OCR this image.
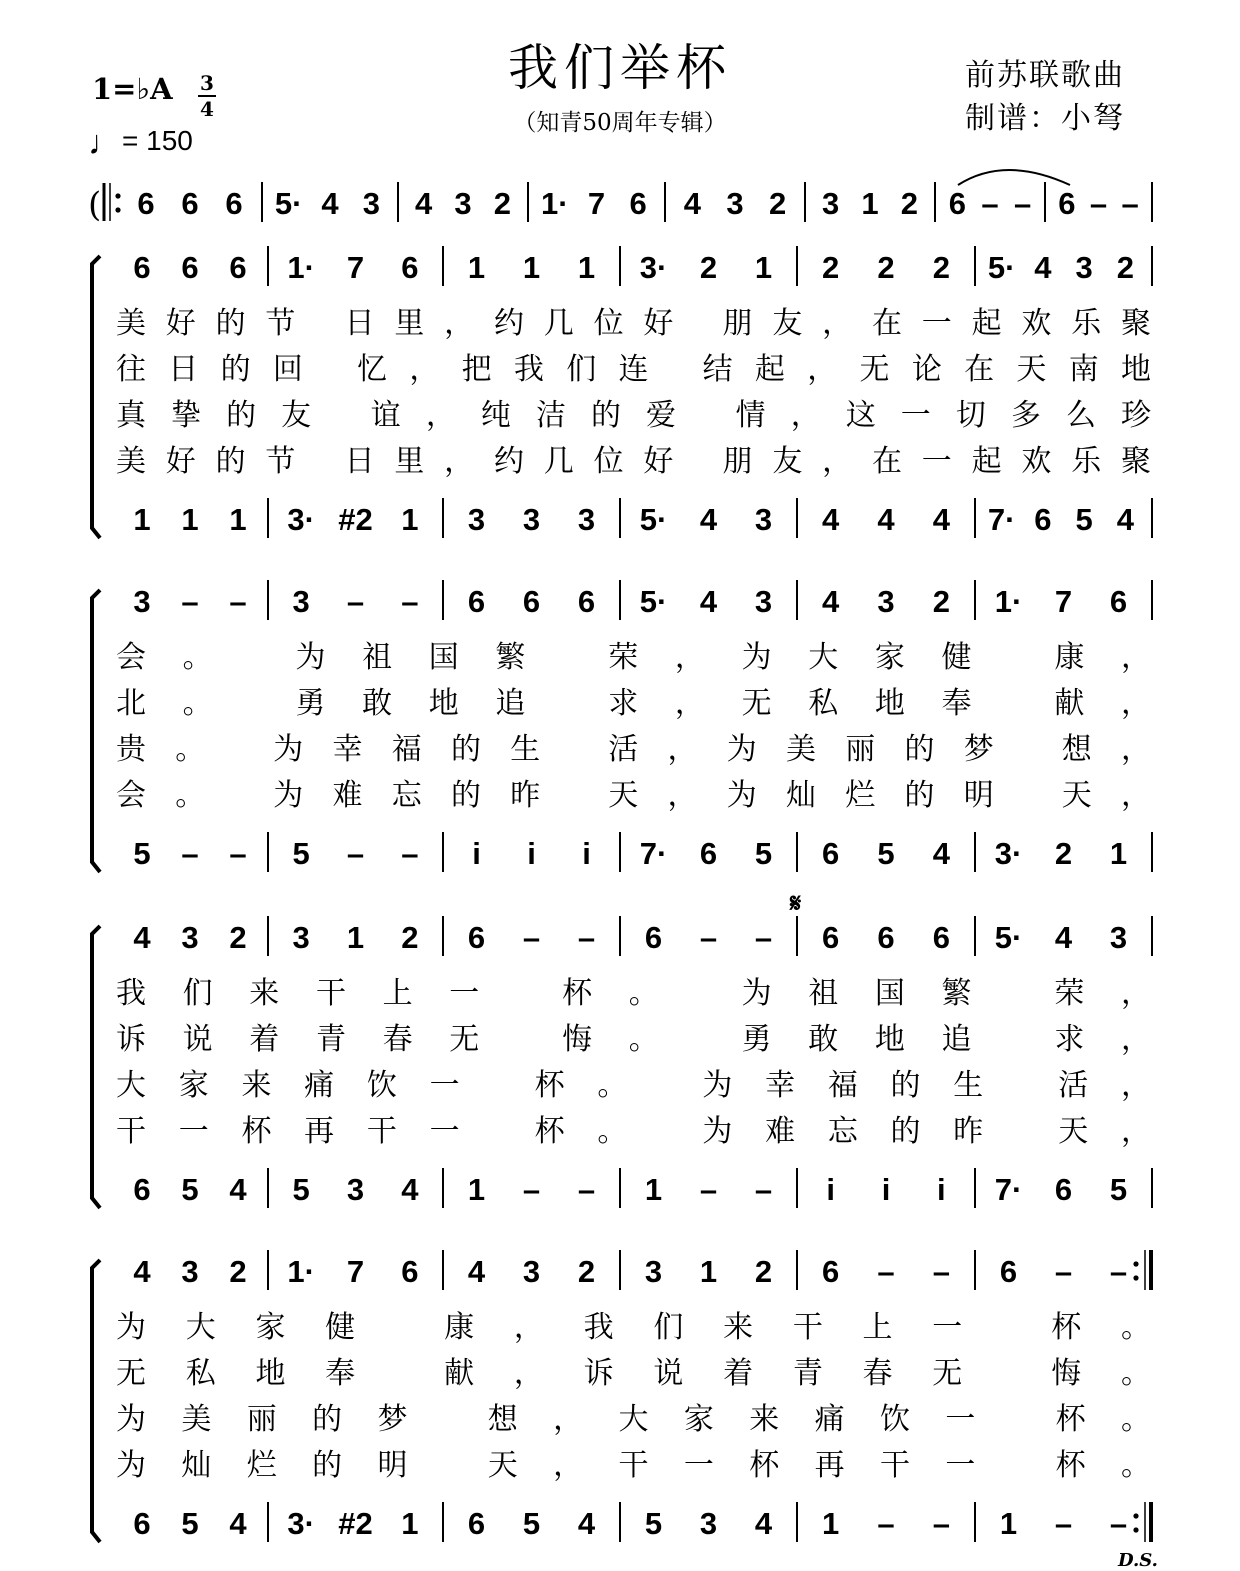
我们举杯
（知青50周年专辑）
前苏联歌曲
制谱：小弩
1=♭A 3
4
♩= 150
D.S.
6 6 6 5· 4 3 4 3 2 1· 7 6 4 3 2 3 1 2 6 – – 6 – –
(
6 6 6 1· 7 6 1 1 1 3· 2 1 2 2 2 5· 4 3 2
美好的节 日里，约几位好 朋友，在一起欢乐聚
往日的回 忆，把我们连 结起，无论在天南地
真挚的友 谊，纯洁的爱 情，这一切多么珍
美好的节 日里，约几位好 朋友，在一起欢乐聚
1 1 1 3· #2 1 3 3 3 5· 4 3 4 4 4 7· 6 5 4
3 – – 3 – – 6 6 6 5· 4 3 4 3 2 1· 7 6
会。 为祖国繁 荣，为大家健 康，
北。 勇敢地追 求，无私地奉 献，
贵。 为幸福的生 活，为美丽的梦 想，
会。 为难忘的昨 天，为灿烂的明 天，
5 – – 5 – – i i i 7· 6 5 6 5 4 3· 2 1
4 3 2 3 1 2 6 – – 6 – – 6 6 6 5· 4 3
我们来干上一 杯。 为祖国繁 荣，
诉说着青春无 悔。 勇敢地追 求，
大家来痛饮一 杯。 为幸福的生 活，
干一杯再干一 杯。 为难忘的昨 天，
6 5 4 5 3 4 1 – – 1 – – i i i 7· 6 5
4 3 2 1· 7 6 4 3 2 3 1 2 6 – – 6 – –
为大家健 康，我们来干上一 杯。
无私地奉 献，诉说着青春无 悔。
为美丽的梦 想，大家来痛饮一 杯。
为灿烂的明 天，干一杯再干一 杯。
6 5 4 3· #2 1 6 5 4 5 3 4 1 – – 1 – –
𝄋
